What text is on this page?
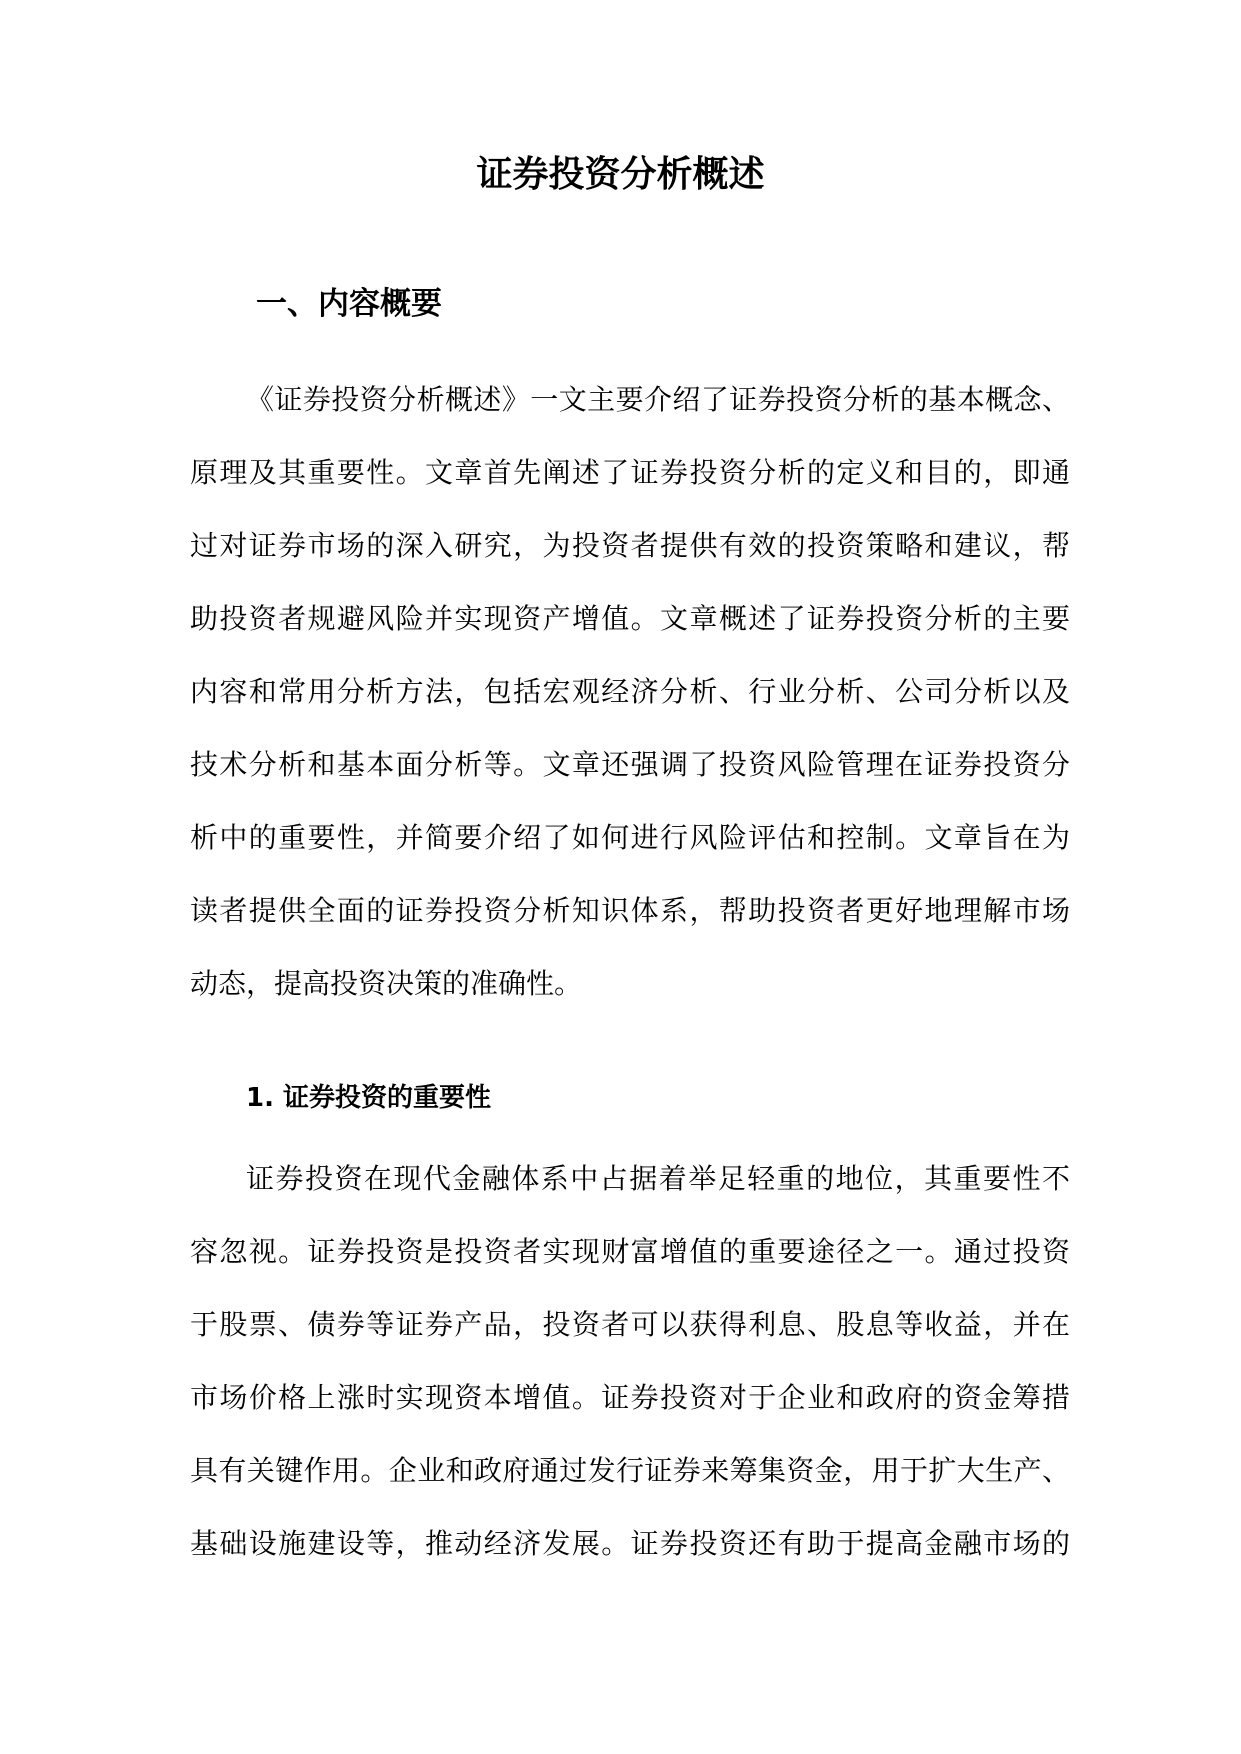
证券投资分析概述
一、内容概要
《证券投资分析概述》一文主要介绍了证券投资分析的基本概念、
原理及其重要性。文章首先阐述了证券投资分析的定义和目的，即通
过对证券市场的深入研究，为投资者提供有效的投资策略和建议，帮
助投资者规避风险并实现资产增值。文章概述了证券投资分析的主要
内容和常用分析方法，包括宏观经济分析、行业分析、公司分析以及
技术分析和基本面分析等。文章还强调了投资风险管理在证券投资分
析中的重要性，并简要介绍了如何进行风险评估和控制。文章旨在为
读者提供全面的证券投资分析知识体系，帮助投资者更好地理解市场
动态，提高投资决策的准确性。
1. 证券投资的重要性
证券投资在现代金融体系中占据着举足轻重的地位，其重要性不
容忽视。证券投资是投资者实现财富增值的重要途径之一。通过投资
于股票、债券等证券产品，投资者可以获得利息、股息等收益，并在
市场价格上涨时实现资本增值。证券投资对于企业和政府的资金筹措
具有关键作用。企业和政府通过发行证券来筹集资金，用于扩大生产、
基础设施建设等，推动经济发展。证券投资还有助于提高金融市场的
